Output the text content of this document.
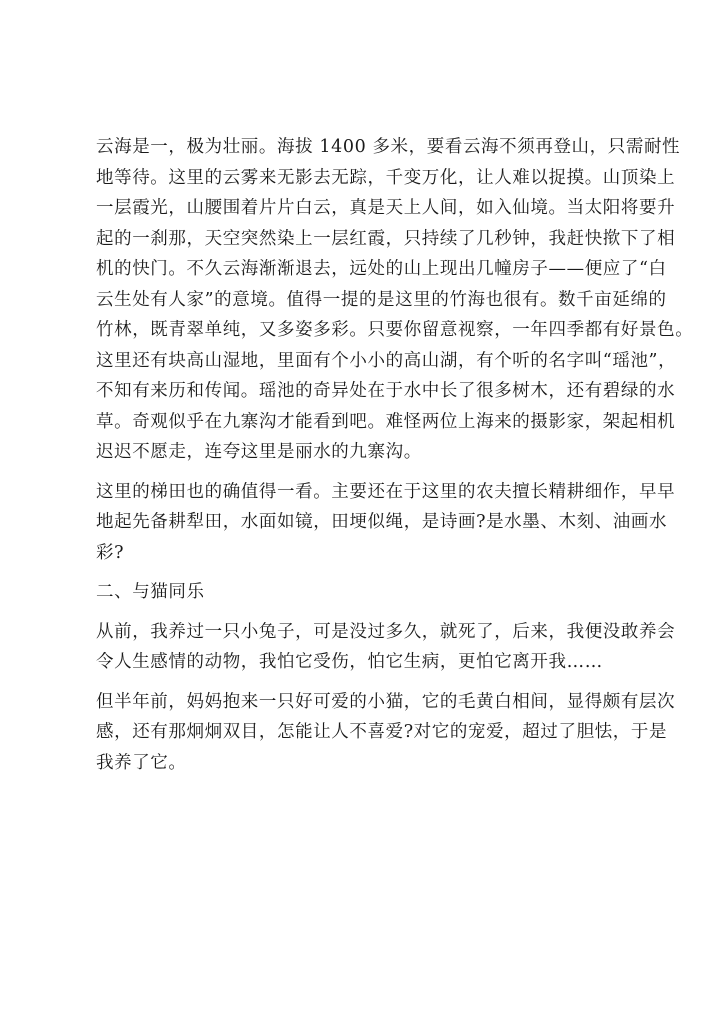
云海是一，极为壮丽。海拔 1400 多米，要看云海不须再登山，只需耐性
地等待。这里的云雾来无影去无踪，千变万化，让人难以捉摸。山顶染上
一层霞光，山腰围着片片白云，真是天上人间，如入仙境。当太阳将要升
起的一刹那，天空突然染上一层红霞，只持续了几秒钟，我赶快揿下了相
机的快门。不久云海渐渐退去，远处的山上现出几幢房子——便应了“白
云生处有人家”的意境。值得一提的是这里的竹海也很有。数千亩延绵的
竹林，既青翠单纯，又多姿多彩。只要你留意视察，一年四季都有好景色。
这里还有块高山湿地，里面有个小小的高山湖，有个听的名字叫“瑶池”，
不知有来历和传闻。瑶池的奇异处在于水中长了很多树木，还有碧绿的水
草。奇观似乎在九寨沟才能看到吧。难怪两位上海来的摄影家，架起相机
迟迟不愿走，连夸这里是丽水的九寨沟。
这里的梯田也的确值得一看。主要还在于这里的农夫擅长精耕细作，早早
地起先备耕犁田，水面如镜，田埂似绳，是诗画?是水墨、木刻、油画水
彩?
二、与猫同乐
从前，我养过一只小兔子，可是没过多久，就死了，后来，我便没敢养会
令人生感情的动物，我怕它受伤，怕它生病，更怕它离开我……
但半年前，妈妈抱来一只好可爱的小猫，它的毛黄白相间，显得颇有层次
感，还有那炯炯双目，怎能让人不喜爱?对它的宠爱，超过了胆怯，于是
我养了它。
